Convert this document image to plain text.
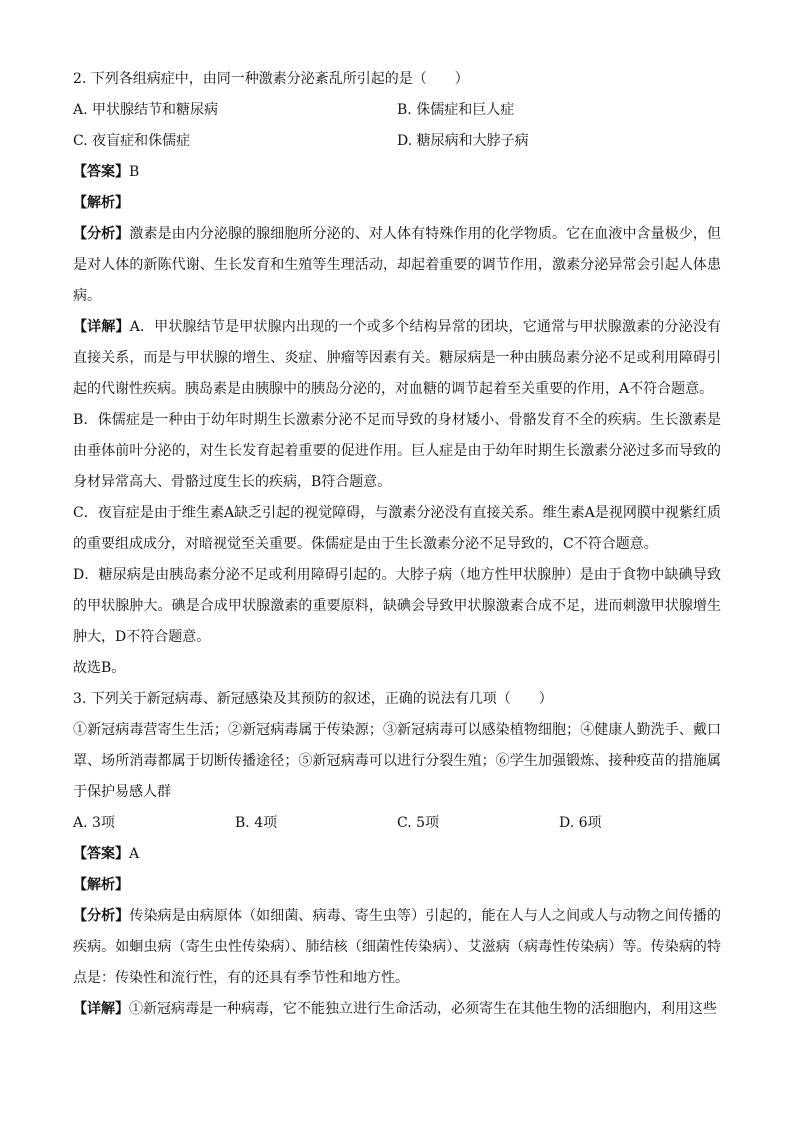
2. 下列各组病症中，由同一种激素分泌紊乱所引起的是（　　）
A. 甲状腺结节和糖尿病	B. 侏儒症和巨人症
C. 夜盲症和侏儒症	D. 糖尿病和大脖子病
【答案】B
【解析】
【分析】激素是由内分泌腺的腺细胞所分泌的、对人体有特殊作用的化学物质。它在血液中含量极少，但是对人体的新陈代谢、生长发育和生殖等生理活动，却起着重要的调节作用，激素分泌异常会引起人体患病。
【详解】A．甲状腺结节是甲状腺内出现的一个或多个结构异常的团块，它通常与甲状腺激素的分泌没有直接关系，而是与甲状腺的增生、炎症、肿瘤等因素有关。糖尿病是一种由胰岛素分泌不足或利用障碍引起的代谢性疾病。胰岛素是由胰腺中的胰岛分泌的，对血糖的调节起着至关重要的作用，A不符合题意。
B．侏儒症是一种由于幼年时期生长激素分泌不足而导致的身材矮小、骨骼发育不全的疾病。生长激素是由垂体前叶分泌的，对生长发育起着重要的促进作用。巨人症是由于幼年时期生长激素分泌过多而导致的身材异常高大、骨骼过度生长的疾病，B符合题意。
C．夜盲症是由于维生素A缺乏引起的视觉障碍，与激素分泌没有直接关系。维生素A是视网膜中视紫红质的重要组成成分，对暗视觉至关重要。侏儒症是由于生长激素分泌不足导致的，C不符合题意。
D．糖尿病是由胰岛素分泌不足或利用障碍引起的。大脖子病（地方性甲状腺肿）是由于食物中缺碘导致的甲状腺肿大。碘是合成甲状腺激素的重要原料，缺碘会导致甲状腺激素合成不足，进而刺激甲状腺增生肿大，D不符合题意。
故选B。
3. 下列关于新冠病毒、新冠感染及其预防的叙述，正确的说法有几项（　　）
①新冠病毒营寄生生活；②新冠病毒属于传染源；③新冠病毒可以感染植物细胞；④健康人勤洗手、戴口罩、场所消毒都属于切断传播途径；⑤新冠病毒可以进行分裂生殖；⑥学生加强锻炼、接种疫苗的措施属于保护易感人群
A. 3项	B. 4项	C. 5项	D. 6项
【答案】A
【解析】
【分析】传染病是由病原体（如细菌、病毒、寄生虫等）引起的，能在人与人之间或人与动物之间传播的疾病。如蛔虫病（寄生虫性传染病）、肺结核（细菌性传染病）、艾滋病（病毒性传染病）等。传染病的特点是：传染性和流行性，有的还具有季节性和地方性。
【详解】①新冠病毒是一种病毒，它不能独立进行生命活动，必须寄生在其他生物的活细胞内，利用这些
